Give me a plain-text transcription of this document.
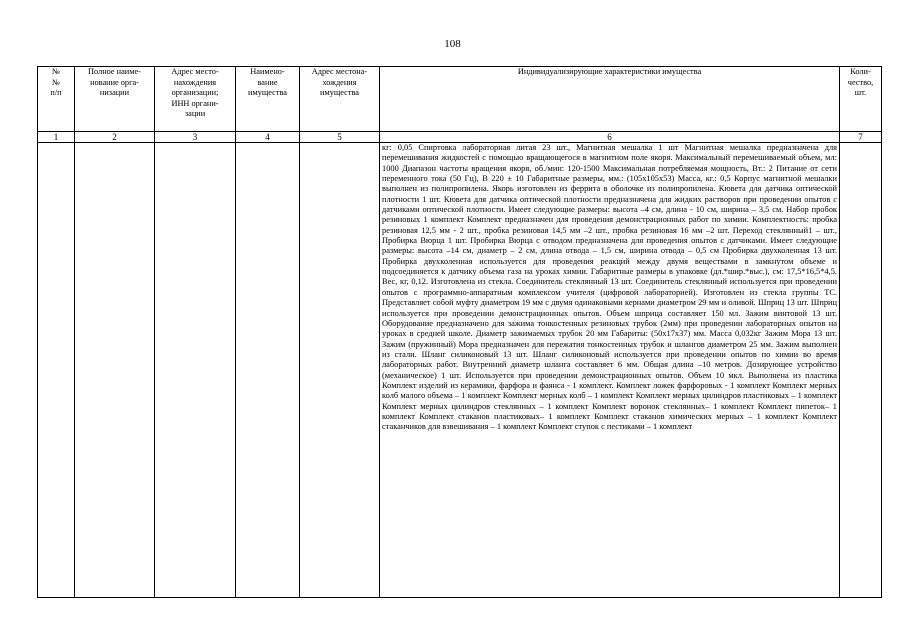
108
№
№
п/п	Полное наиме-
нование орга-
низации	Адрес место-
нахождения
организации;
ИНН органи-
зации	Наимено-
вание
имущества	Адрес местона-
хождения
имущества	Индивидуализирующие характеристики имущества	Коли-
чество,
шт.
1	2	3	4	5	6	7

					кг: 0,05 Спиртовка лабораторная литая 23 шт., Магнитная мешалка 1 шт Магнитная мешалка предназначена для перемешивания жидкостей с помощью вращающегося в магнитном поле якоря. Максимальный перемешиваемый объем, мл: 1000 Диапазон частоты вращения якоря, об./мин: 120-1500 Максимальная потребляемая мощность, Вт.: 2 Питание от сети переменного тока (50 Гц), В 220 ± 10 Габаритные размеры, мм.: (105х105х53) Масса, кг.: 0,5 Корпус магнитной мешалки выполнен из полипропилена. Якорь изготовлен из феррита в оболочке из полипропилена. Кювета для датчика оптической плотности 1 шт. Кювета для датчика оптической плотности предназначена для жидких растворов при проведении опытов с датчиками оптической плотности. Имеет следующие размеры: высота –4 см, длина - 10 см, ширина – 3,5 см. Набор пробок резиновых 1 комплект Комплект предназначен для проведения демонстрационных работ по химии. Комплектность: пробка резиновая 12,5 мм - 2 шт., пробка резиновая 14,5 мм –2 шт., пробка резиновая 16 мм –2 шт. Переход стеклянный1 – шт., Пробирка Вюрца 1 шт. Пробирка Вюрца с отводом предназначена для проведения опытов с датчиками. Имеет следующие размеры: высота –14 см, диаметр – 2 см, длина отвода – 1,5 см, ширина отвода – 0,5 см Пробирка двухколенная 13 шт. Пробирка двухколенная используется для проведения реакций между двумя веществами в замкнутом объеме и подсоединяется к датчику объема газа на уроках химии. Габаритные размеры в упаковке (дл.*шир.*выс.), см: 17,5*16,5*4,5. Вес, кг, 0,12. Изготовлена из стекла. Соединитель стеклянный 13 шт. Соединитель стеклянный используется при проведении опытов с программно-аппаратным комплексом учителя (цифровой лабораторией). Изготовлен из стекла группы ТС. Представляет собой муфту диаметром 19 мм с двумя одинаковыми кернами диаметром 29 мм и оливой. Шприц 13 шт. Шприц используется при проведении демонстрационных опытов. Объем шприца составляет 150 мл. Зажим винтовой 13 шт. Оборудование предназначено для зажима тонкостенных резиновых трубок (2мм) при проведении лабораторных опытов на уроках в средней школе. Диаметр зажимаемых трубок 20 мм Габариты: (50х17х37) мм. Масса 0,032кг Зажим Мора 13 шт. Зажим (пружинный) Мора предназначен для пережатия тонкостенных трубок и шлангов диаметром 25 мм. Зажим выполнен из стали. Шланг силиконовый 13 шт. Шланг силиконовый используется при проведении опытов по химии во время лабораторных работ. Внутренний диаметр шланга составляет 6 мм. Общая длина –10 метров. Дозирующее устройство (механическое) 1 шт. Используется при проведении демонстрационных опытов. Объем 10 мкл. Выполнена из пластика Комплект изделий из керамики, фарфора и фаянса - 1 комплект. Комплект ложек фарфоровых - 1 комплект Комплект мерных колб малого объема – 1 комплект Комплект мерных колб – 1 комплект Комплект мерных цилиндров пластиковых – 1 комплект Комплект мерных цилиндров стеклянных – 1 комплект Комплект воронок стеклянных– 1 комплект Комплект пипеток– 1 комплект Комплект стаканов пластиковых– 1 комплект Комплект стаканов химических мерных – 1 комплект Комплект стаканчиков для взвешивания – 1 комплект Комплект ступок с пестиками – 1 комплект	
